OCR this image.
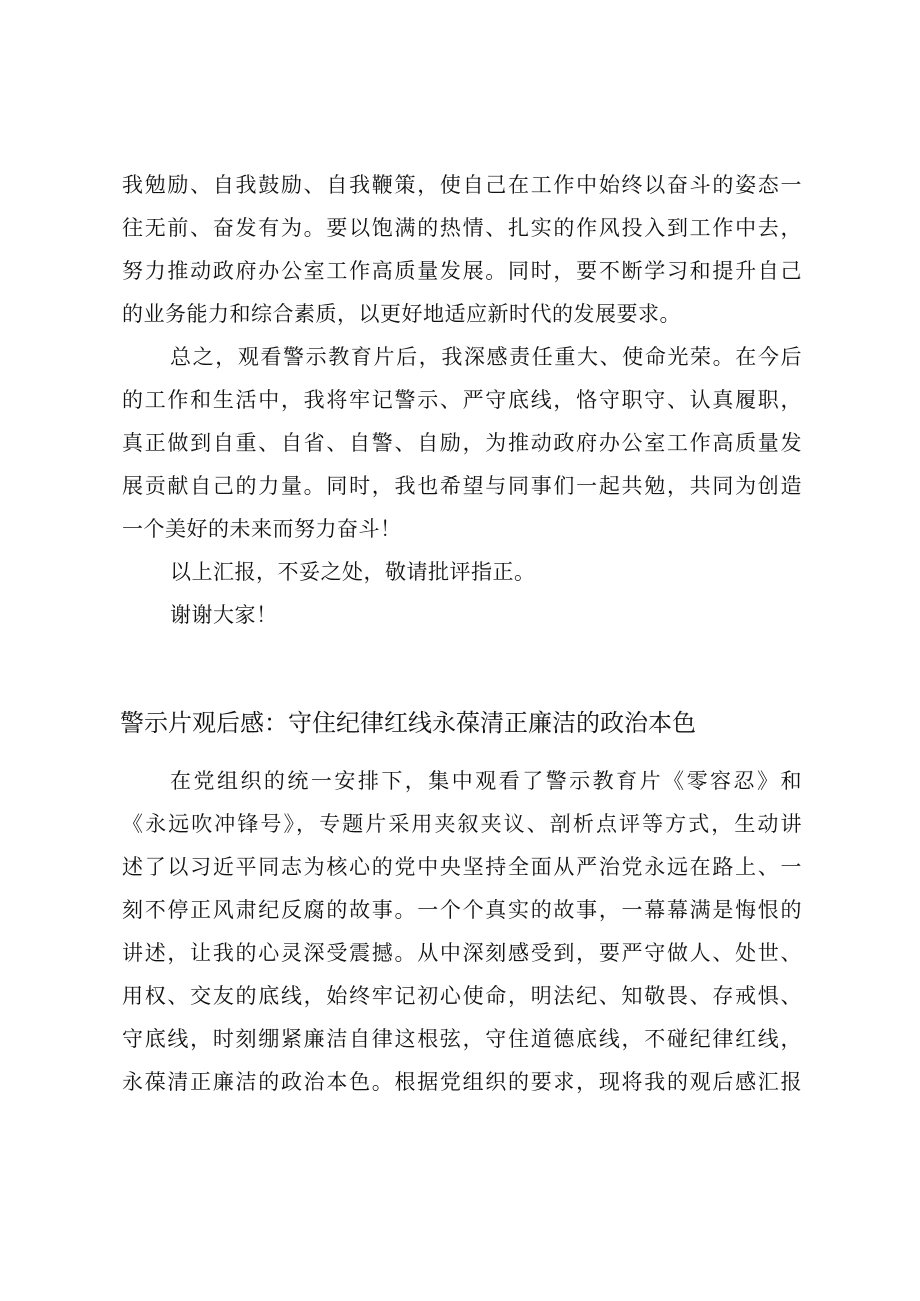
我勉励、自我鼓励、自我鞭策，使自己在工作中始终以奋斗的姿态一
往无前、奋发有为。要以饱满的热情、扎实的作风投入到工作中去，
努力推动政府办公室工作高质量发展。同时，要不断学习和提升自己
的业务能力和综合素质，以更好地适应新时代的发展要求。
总之，观看警示教育片后，我深感责任重大、使命光荣。在今后
的工作和生活中，我将牢记警示、严守底线，恪守职守、认真履职，
真正做到自重、自省、自警、自励，为推动政府办公室工作高质量发
展贡献自己的力量。同时，我也希望与同事们一起共勉，共同为创造
一个美好的未来而努力奋斗！
以上汇报，不妥之处，敬请批评指正。
谢谢大家！
警示片观后感：守住纪律红线永葆清正廉洁的政治本色
在党组织的统一安排下，集中观看了警示教育片《零容忍》和
《永远吹冲锋号》，专题片采用夹叙夹议、剖析点评等方式，生动讲
述了以习近平同志为核心的党中央坚持全面从严治党永远在路上、一
刻不停正风肃纪反腐的故事。一个个真实的故事，一幕幕满是悔恨的
讲述，让我的心灵深受震撼。从中深刻感受到，要严守做人、处世、
用权、交友的底线，始终牢记初心使命，明法纪、知敬畏、存戒惧、
守底线，时刻绷紧廉洁自律这根弦，守住道德底线，不碰纪律红线，
永葆清正廉洁的政治本色。根据党组织的要求，现将我的观后感汇报
